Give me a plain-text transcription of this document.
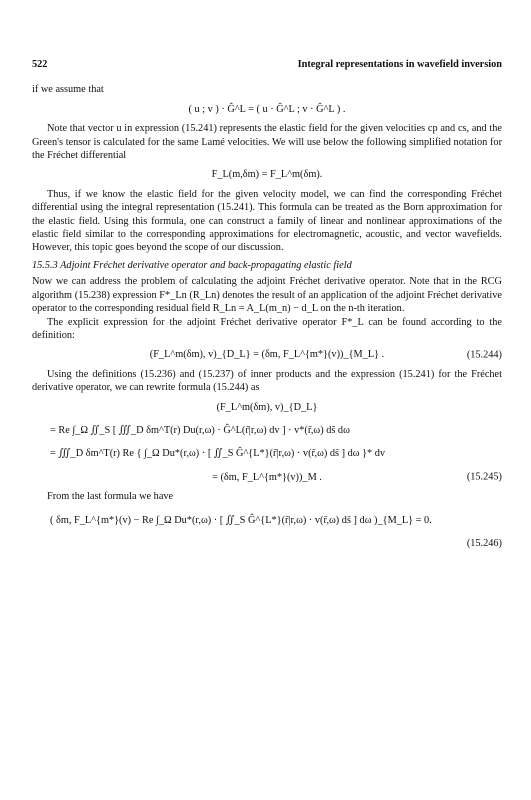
522	Integral representations in wavefield inversion

if we assume that

( u ; v ) · Ĝ^L = ( u · Ĝ^L ; v · Ĝ^L ) .

Note that vector u in expression (15.241) represents the elastic field for the given velocities cp and cs, and the Green's tensor is calculated for the same Lamé velocities. We will use below the following simplified notation for the Fréchet differential

F_L(m,δm) = F_L^m(δm).

Thus, if we know the elastic field for the given velocity model, we can find the corresponding Fréchet differential using the integral representation (15.241). This formula can be treated as the Born approximation for the elastic field. Using this formula, one can construct a family of linear and nonlinear approximations of the elastic field similar to the corresponding approximations for electromagnetic, acoustic, and vector wavefields. However, this topic goes beyond the scope of our discussion.

15.5.3 Adjoint Fréchet derivative operator and back-propagating elastic field

Now we can address the problem of calculating the adjoint Fréchet derivative operator. Note that in the RCG algorithm (15.238) expression F*_Ln (R_Ln) denotes the result of an application of the adjoint Fréchet derivative operator to the corresponding residual field R_Ln = A_L(m_n) − d_L on the n-th iteration.

The explicit expression for the adjoint Fréchet derivative operator F*_L can be found according to the definition:

(F_L^m(δm), v)_{D_L} = (δm, F_L^{m*}(v))_{M_L} .	(15.244)

Using the definitions (15.236) and (15.237) of inner products and the expression (15.241) for the Fréchet derivative operator, we can rewrite formula (15.244) as

(F_L^m(δm), v)_{D_L}
= Re ∫_Ω ∬_S [ ∭_D δm^T(r) Du(r,ω) · Ĝ^L(r̃|r,ω) dv ] · v*(r̃,ω) ds̃ dω
= ∭_D δm^T(r) Re { ∫_Ω Du*(r,ω) · [ ∬_S Ĝ^{L*}(r̃|r,ω) · v(r̃,ω) ds̃ ] dω }* dv
= (δm, F_L^{m*}(v))_M .	(15.245)

From the last formula we have

( δm, F_L^{m*}(v) − Re ∫_Ω Du*(r,ω) · [ ∬_S Ĝ^{L*}(r̃|r,ω) · v(r̃,ω) ds̃ ] dω )_{M_L} = 0.
(15.246)
